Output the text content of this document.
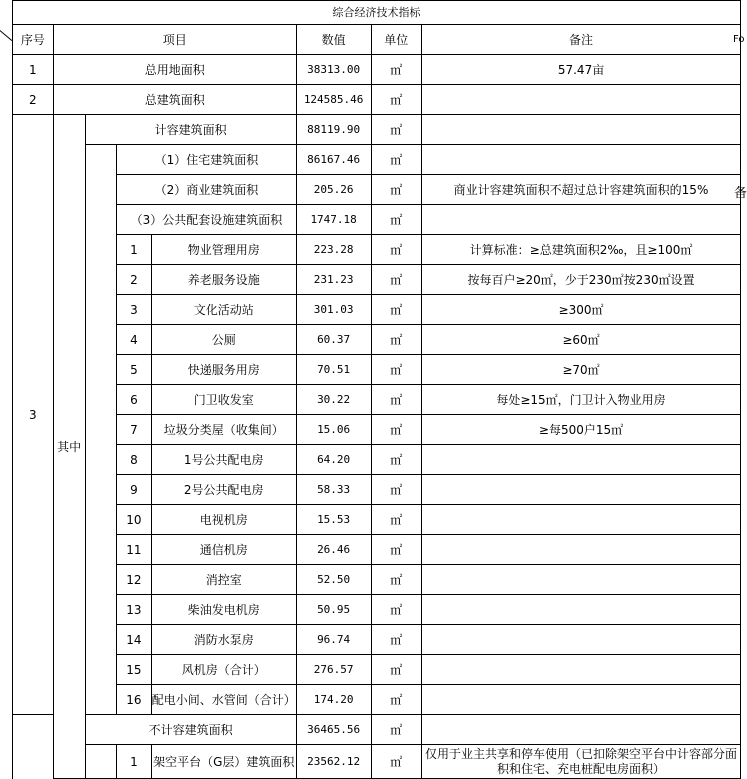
Fo
备
综合经济技术指标							
序号	项目				数值	单位	备注
1	总用地面积				38313.00	㎡	57.47亩
2	总建筑面积				124585.46	㎡	
3	其中	计容建筑面积			88119.90	㎡	
			（1）住宅建筑面积		86167.46	㎡	
			（2）商业建筑面积		205.26	㎡	商业计容建筑面积不超过总计容建筑面积的15%
			（3）公共配套设施建筑面积		1747.18	㎡	
			1	物业管理用房	223.28	㎡	计算标准：≥总建筑面积2‰，且≥100㎡
			2	养老服务设施	231.23	㎡	按每百户≥20㎡，少于230㎡按230㎡设置
			3	文化活动站	301.03	㎡	≥300㎡
			4	公厕	60.37	㎡	≥60㎡
			5	快递服务用房	70.51	㎡	≥70㎡
			6	门卫收发室	30.22	㎡	每处≥15㎡，门卫计入物业用房
			7	垃圾分类屋（收集间）	15.06	㎡	≥每500户15㎡
			8	1号公共配电房	64.20	㎡	
			9	2号公共配电房	58.33	㎡	
			10	电视机房	15.53	㎡	
			11	通信机房	26.46	㎡	
			12	消控室	52.50	㎡	
			13	柴油发电机房	50.95	㎡	
			14	消防水泵房	96.74	㎡	
			15	风机房（合计）	276.57	㎡	
			16	配电小间、水管间（合计）	174.20	㎡	
		不计容建筑面积			36465.56	㎡	
			1	架空平台（G层）建筑面积	23562.12	㎡	仅用于业主共享和停车使用（已扣除架空平台中计容部分面积和住宅、充电桩配电房面积）
